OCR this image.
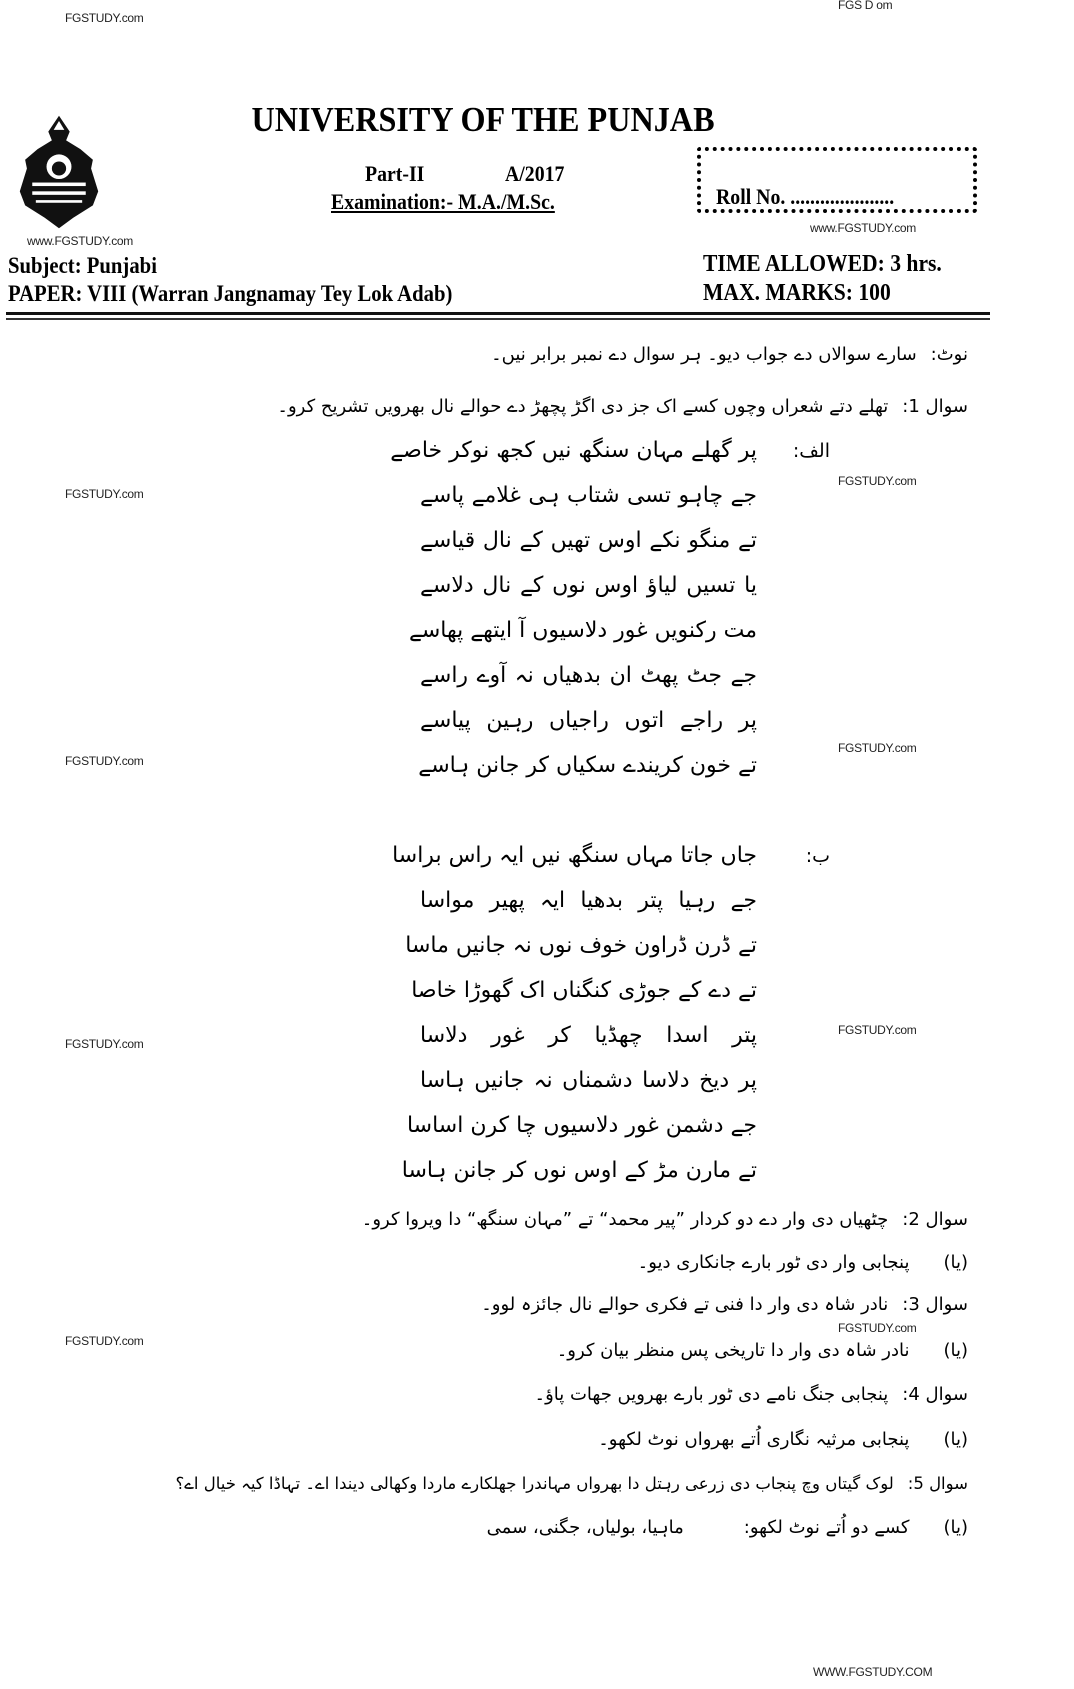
FGSTUDY.com
FGS D om
www.FGSTUDY.com
www.FGSTUDY.com
FGSTUDY.com
FGSTUDY.com
FGSTUDY.com
FGSTUDY.com
FGSTUDY.com
FGSTUDY.com
FGSTUDY.com
FGSTUDY.com
WWW.FGSTUDY.COM
UNIVERSITY OF THE PUNJAB
Part-II	A/2017
Examination:- M.A./M.Sc.	Roll No. .....................
Subject: Punjabi
PAPER: VIII (Warran Jangnamay Tey Lok Adab)
TIME ALLOWED: 3 hrs.
MAX. MARKS: 100
نوٹ:سارے سوالاں دے جواب دیو۔ ہر سوال دے نمبر برابر نیں۔
سوال 1:تھلے دتے شعراں وچوں کسے اک جز دی اگڑ پچھڑ دے حوالے نال بھرویں تشریح کرو۔
الف:
پر گھلے مہان سنگھ نیں کجھ نوکر خاصے
جے چاہو تسی شتاب ہی غلامے پاسے
تے منگو نکے اوس تھیں کے نال قیاسے
یا تسیں لیاؤ اوس نوں کے نال دلاسے
مت رکنویں غور دلاسیوں آ ایتھے پھاسے
جے جٹ پھٹ ان بدھیاں نہ آوے راسے
پر راجے اتوں راجیاں رہین پیاسے
تے خون کریندے سکیاں کر جانن ہاسے
ب:
جاں جاتا مہاں سنگھ نیں ایہ راس براسا
جے رہیا پتر بدھیا ایہ پھیر مواسا
تے ڈرن ڈراون خوف نوں نہ جانیں ماسا
تے دے کے جوڑی کنگناں اک گھوڑا خاصا
پتر اسدا چھڈیا کر غور دلاسا
پر دیخ دلاسا دشمناں نہ جانیں ہاسا
جے دشمن غور دلاسیوں چا کرن اساسا
تے مارن مڑ کے اوس نوں کر جانن ہاسا
سوال 2:چٹھیاں دی وار دے دو کردار ”پیر محمد“ تے ”مہان سنگھ“ دا ویروا کرو۔
(یا)پنجابی وار دی ٹور بارے جانکاری دیو۔
سوال 3:نادر شاہ دی وار دا فنی تے فکری حوالے نال جائزہ لوو۔
(یا)نادر شاہ دی وار دا تاریخی پس منظر بیان کرو۔
سوال 4:پنجابی جنگ نامے دی ٹور بارے بھرویں جھات پاؤ۔
(یا)پنجابی مرثیہ نگاری اُتے بھرواں نوٹ لکھو۔
سوال 5:لوک گیتاں وچ پنجاب دی زرعی رہتل دا بھرواں مہاندرا جھلکارے ماردا وکھالی دیندا اے۔ تہاڈا کیہ خیال اے؟
(یا)کسے دو اُتے نوٹ لکھو:ماہیا، بولیاں، جگنی، سمی
